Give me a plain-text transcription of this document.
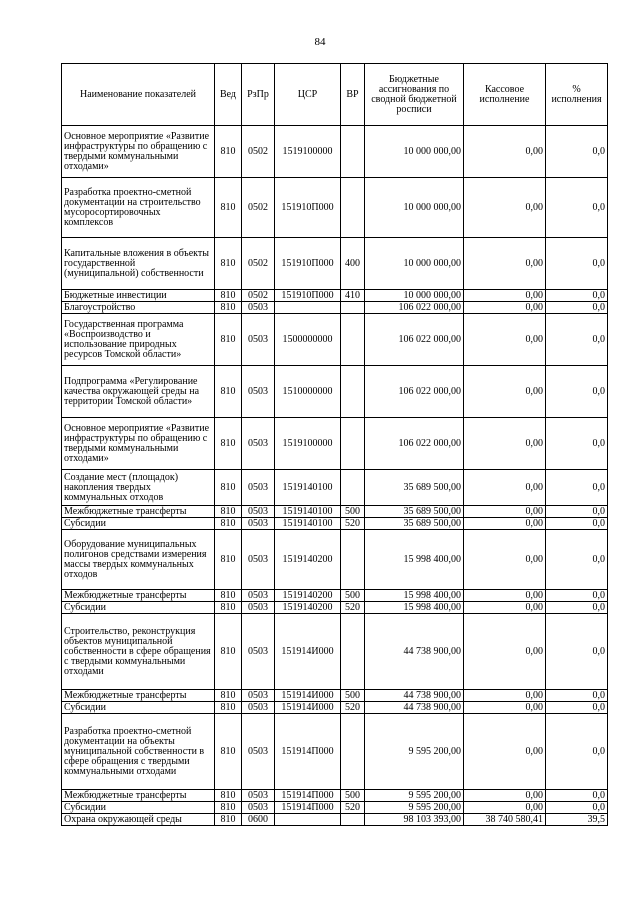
84
Наименование показателей	Вед	РзПр	ЦСР	ВР	Бюджетные ассигнования по сводной бюджетной росписи	Кассовое исполнение	% исполнения
Основное мероприятие «Развитие инфраструктуры по обращению с твердыми коммунальными отходами»	810	0502	1519100000		10 000 000,00	0,00	0,0
Разработка проектно-сметной документации на строительство мусоросортировочных комплексов	810	0502	151910П000		10 000 000,00	0,00	0,0
Капитальные вложения в объекты государственной (муниципальной) собственности	810	0502	151910П000	400	10 000 000,00	0,00	0,0
Бюджетные инвестиции	810	0502	151910П000	410	10 000 000,00	0,00	0,0
Благоустройство	810	0503			106 022 000,00	0,00	0,0
Государственная программа «Воспроизводство и использование природных ресурсов Томской области»	810	0503	1500000000		106 022 000,00	0,00	0,0
Подпрограмма «Регулирование качества окружающей среды на территории Томской области»	810	0503	1510000000		106 022 000,00	0,00	0,0
Основное мероприятие «Развитие инфраструктуры по обращению с твердыми коммунальными отходами»	810	0503	1519100000		106 022 000,00	0,00	0,0
Создание мест (площадок) накопления твердых коммунальных отходов	810	0503	1519140100		35 689 500,00	0,00	0,0
Межбюджетные трансферты	810	0503	1519140100	500	35 689 500,00	0,00	0,0
Субсидии	810	0503	1519140100	520	35 689 500,00	0,00	0,0
Оборудование муниципальных полигонов средствами измерения массы твердых коммунальных отходов	810	0503	1519140200		15 998 400,00	0,00	0,0
Межбюджетные трансферты	810	0503	1519140200	500	15 998 400,00	0,00	0,0
Субсидии	810	0503	1519140200	520	15 998 400,00	0,00	0,0
Строительство, реконструкция объектов муниципальной собственности в сфере обращения с твердыми коммунальными отходами	810	0503	151914И000		44 738 900,00	0,00	0,0
Межбюджетные трансферты	810	0503	151914И000	500	44 738 900,00	0,00	0,0
Субсидии	810	0503	151914И000	520	44 738 900,00	0,00	0,0
Разработка проектно-сметной документации на объекты муниципальной собственности в сфере обращения с твердыми коммунальными отходами	810	0503	151914П000		9 595 200,00	0,00	0,0
Межбюджетные трансферты	810	0503	151914П000	500	9 595 200,00	0,00	0,0
Субсидии	810	0503	151914П000	520	9 595 200,00	0,00	0,0
Охрана окружающей среды	810	0600			98 103 393,00	38 740 580,41	39,5
